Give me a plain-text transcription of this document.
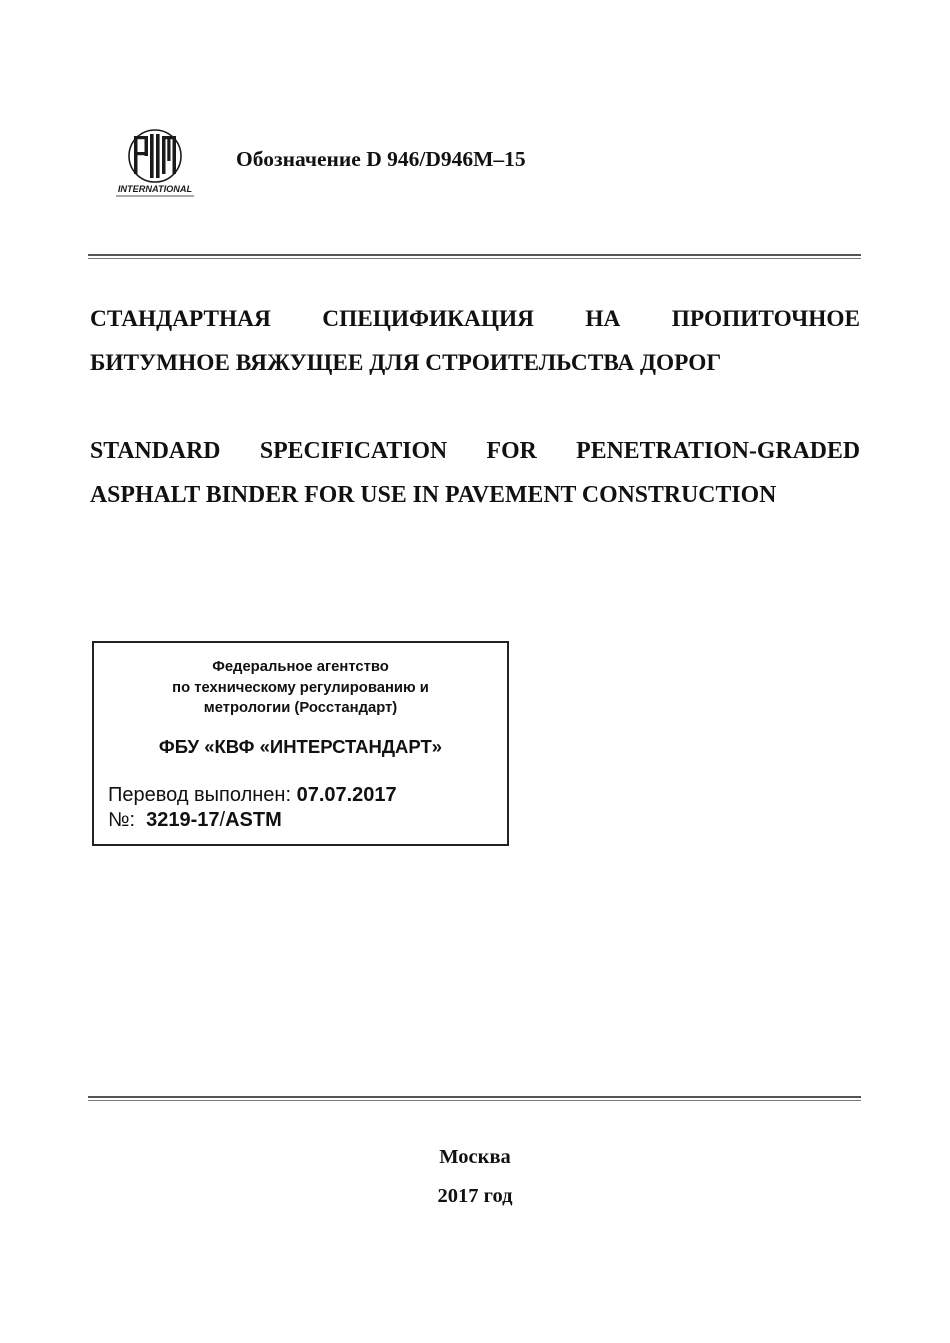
INTERNATIONAL
Обозначение D 946/D946M–15
СТАНДАРТНАЯ СПЕЦИФИКАЦИЯ НА ПРОПИТОЧНОЕ
БИТУМНОЕ ВЯЖУЩЕЕ ДЛЯ СТРОИТЕЛЬСТВА ДОРОГ
STANDARD SPECIFICATION FOR PENETRATION-GRADED
ASPHALT BINDER FOR USE IN PAVEMENT CONSTRUCTION
Федеральное агентство
по техническому регулированию и
метрологии (Росстандарт)
ФБУ «КВФ «ИНТЕРСТАНДАРТ»
Перевод выполнен: 07.07.2017
№: 3219-17/ASTM
Москва
2017 год
